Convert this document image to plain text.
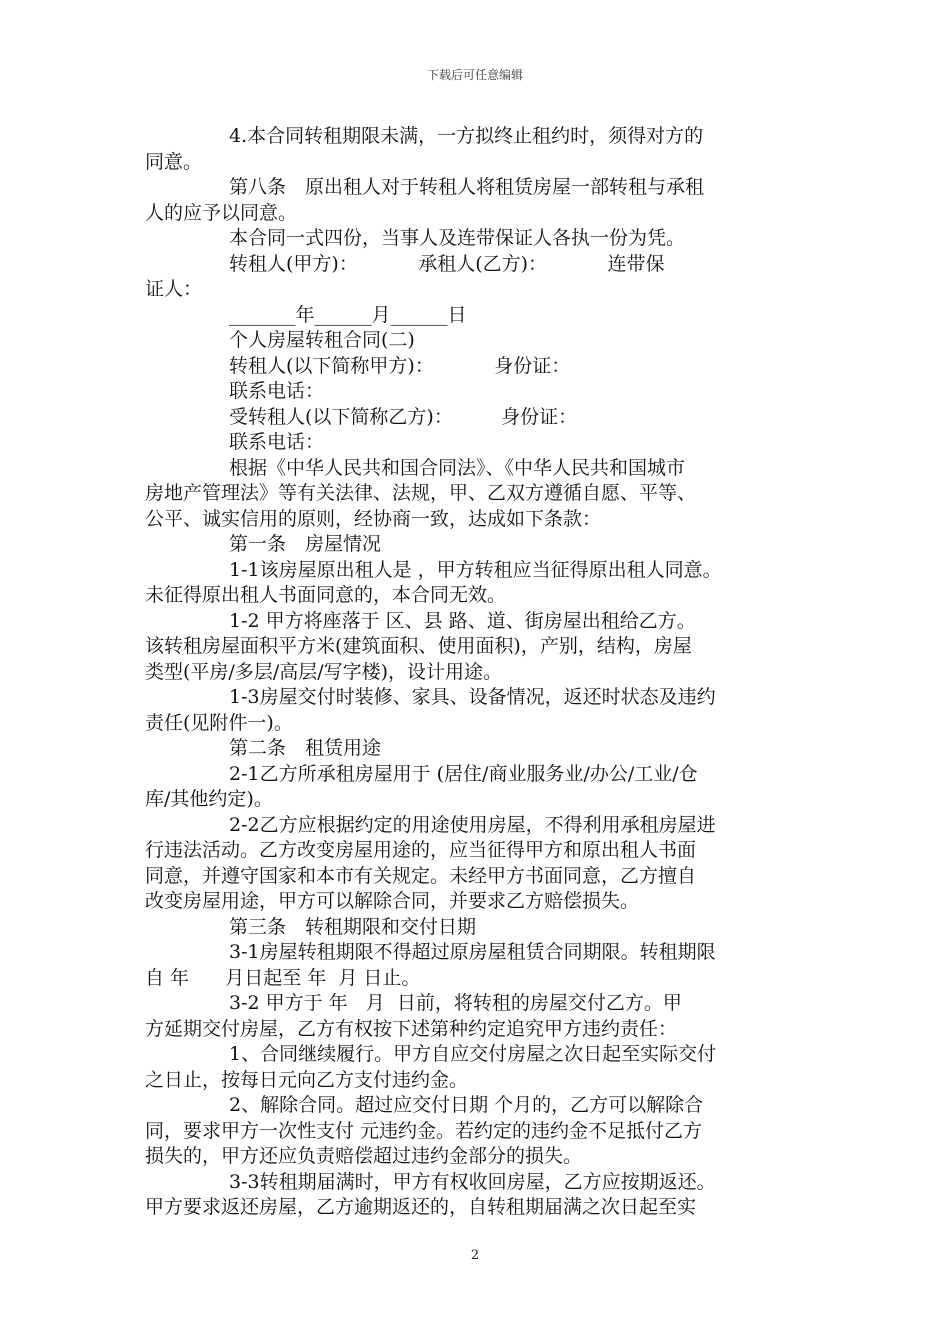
下载后可任意编辑
4.本合同转租期限未满，一方拟终止租约时，须得对方的
同意。
第八条　原出租人对于转租人将租赁房屋一部转租与承租
人的应予以同意。
本合同一式四份，当事人及连带保证人各执一份为凭。
转租人(甲方)：          承租人(乙方)：          连带保
证人：
_______年______月______日
个人房屋转租合同(二)
转租人(以下简称甲方)：          身份证：
联系电话：
受转租人(以下简称乙方)：        身份证：
联系电话：
根据《中华人民共和国合同法》、《中华人民共和国城市
房地产管理法》等有关法律、法规，甲、乙双方遵循自愿、平等、
公平、诚实信用的原则，经协商一致，达成如下条款：
第一条　房屋情况
1-1该房屋原出租人是 ，甲方转租应当征得原出租人同意。
未征得原出租人书面同意的，本合同无效。
1-2 甲方将座落于 区、县 路、道、街房屋出租给乙方。
该转租房屋面积平方米(建筑面积、使用面积)，产别，结构，房屋
类型(平房/多层/高层/写字楼)，设计用途。
1-3房屋交付时装修、家具、设备情况，返还时状态及违约
责任(见附件一)。
第二条　租赁用途
2-1乙方所承租房屋用于 (居住/商业服务业/办公/工业/仓
库/其他约定)。
2-2乙方应根据约定的用途使用房屋，不得利用承租房屋进
行违法活动。乙方改变房屋用途的，应当征得甲方和原出租人书面
同意，并遵守国家和本市有关规定。未经甲方书面同意，乙方擅自
改变房屋用途，甲方可以解除合同，并要求乙方赔偿损失。
第三条　转租期限和交付日期
3-1房屋转租期限不得超过原房屋租赁合同期限。转租期限
自 年      月日起至 年  月 日止。
3-2 甲方于 年   月  日前，将转租的房屋交付乙方。甲
方延期交付房屋，乙方有权按下述第种约定追究甲方违约责任：
1、合同继续履行。甲方自应交付房屋之次日起至实际交付
之日止，按每日元向乙方支付违约金。
2、解除合同。超过应交付日期 个月的，乙方可以解除合
同，要求甲方一次性支付 元违约金。若约定的违约金不足抵付乙方
损失的，甲方还应负责赔偿超过违约金部分的损失。
3-3转租期届满时，甲方有权收回房屋，乙方应按期返还。
甲方要求返还房屋，乙方逾期返还的，自转租期届满之次日起至实
2
